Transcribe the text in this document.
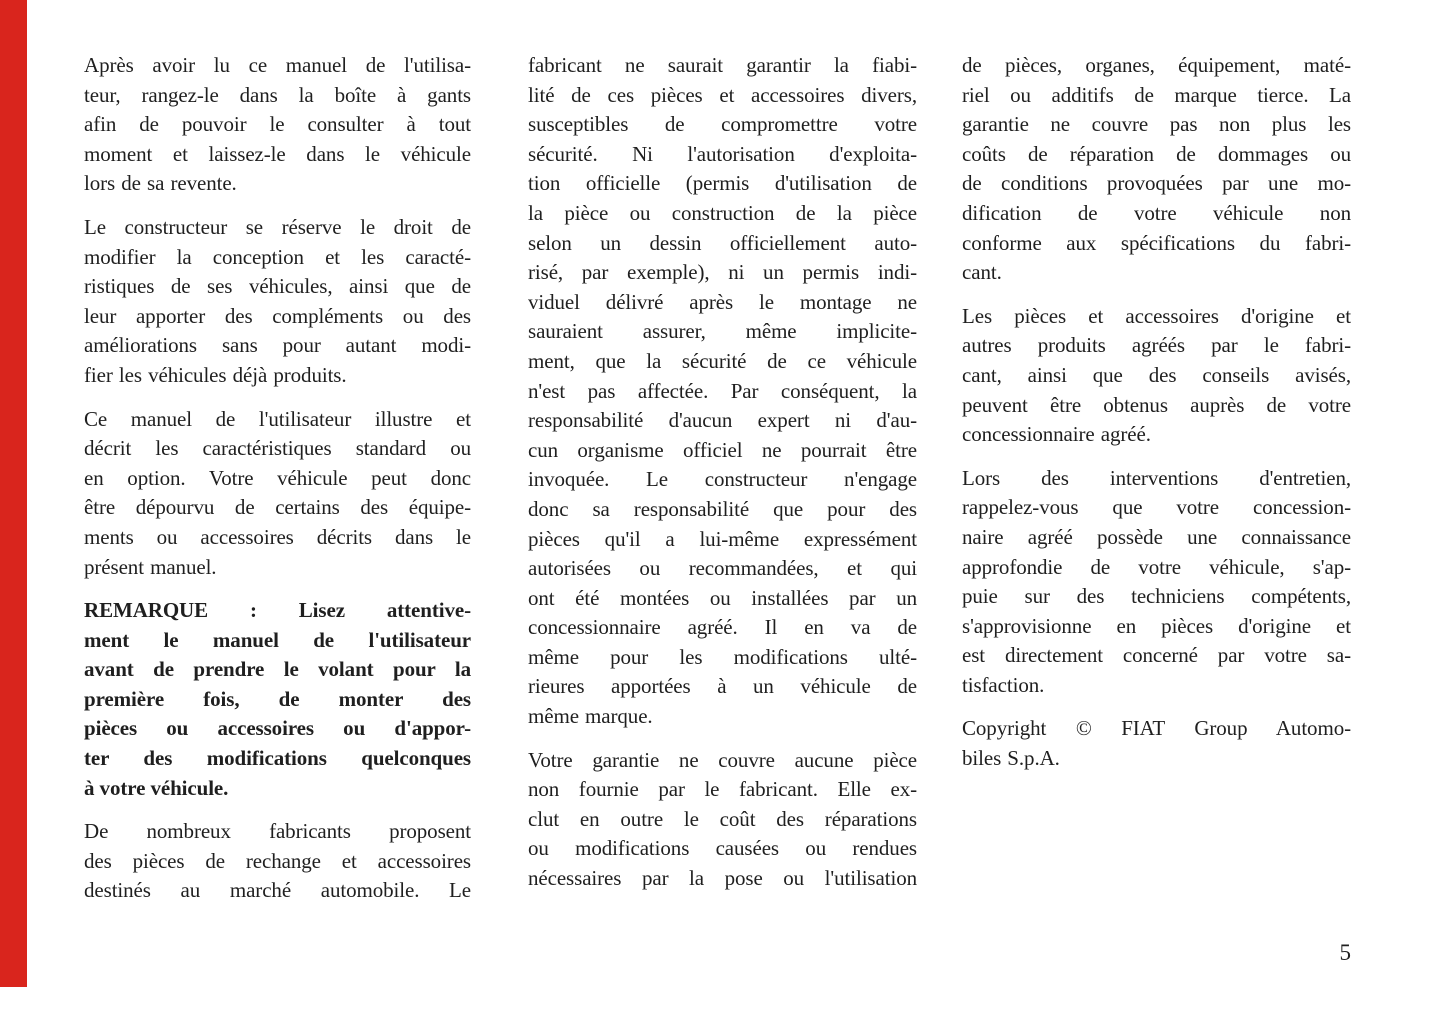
Après avoir lu ce manuel de l'utilisa-
teur, rangez-le dans la boîte à gants
afin de pouvoir le consulter à tout
moment et laissez-le dans le véhicule
lors de sa revente.
Le constructeur se réserve le droit de
modifier la conception et les caracté-
ristiques de ses véhicules, ainsi que de
leur apporter des compléments ou des
améliorations sans pour autant modi-
fier les véhicules déjà produits.
Ce manuel de l'utilisateur illustre et
décrit les caractéristiques standard ou
en option. Votre véhicule peut donc
être dépourvu de certains des équipe-
ments ou accessoires décrits dans le
présent manuel.
REMARQUE : Lisez attentive-
ment le manuel de l'utilisateur
avant de prendre le volant pour la
première fois, de monter des
pièces ou accessoires ou d'appor-
ter des modifications quelconques
à votre véhicule.
De nombreux fabricants proposent
des pièces de rechange et accessoires
destinés au marché automobile. Le
fabricant ne saurait garantir la fiabi-
lité de ces pièces et accessoires divers,
susceptibles de compromettre votre
sécurité. Ni l'autorisation d'exploita-
tion officielle (permis d'utilisation de
la pièce ou construction de la pièce
selon un dessin officiellement auto-
risé, par exemple), ni un permis indi-
viduel délivré après le montage ne
sauraient assurer, même implicite-
ment, que la sécurité de ce véhicule
n'est pas affectée. Par conséquent, la
responsabilité d'aucun expert ni d'au-
cun organisme officiel ne pourrait être
invoquée. Le constructeur n'engage
donc sa responsabilité que pour des
pièces qu'il a lui-même expressément
autorisées ou recommandées, et qui
ont été montées ou installées par un
concessionnaire agréé. Il en va de
même pour les modifications ulté-
rieures apportées à un véhicule de
même marque.
Votre garantie ne couvre aucune pièce
non fournie par le fabricant. Elle ex-
clut en outre le coût des réparations
ou modifications causées ou rendues
nécessaires par la pose ou l'utilisation
de pièces, organes, équipement, maté-
riel ou additifs de marque tierce. La
garantie ne couvre pas non plus les
coûts de réparation de dommages ou
de conditions provoquées par une mo-
dification de votre véhicule non
conforme aux spécifications du fabri-
cant.
Les pièces et accessoires d'origine et
autres produits agréés par le fabri-
cant, ainsi que des conseils avisés,
peuvent être obtenus auprès de votre
concessionnaire agréé.
Lors des interventions d'entretien,
rappelez-vous que votre concession-
naire agréé possède une connaissance
approfondie de votre véhicule, s'ap-
puie sur des techniciens compétents,
s'approvisionne en pièces d'origine et
est directement concerné par votre sa-
tisfaction.
Copyright © FIAT Group Automo-
biles S.p.A.
5
